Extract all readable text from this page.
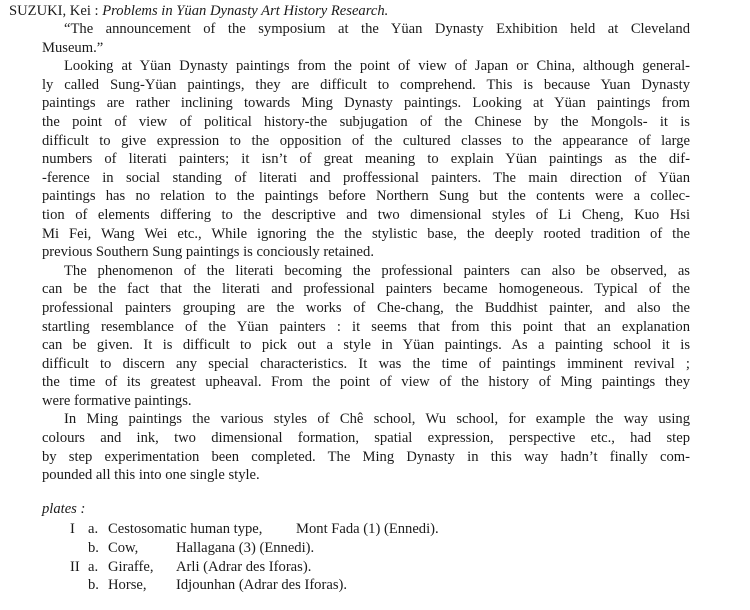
SUZUKI, Kei : Problems in Yüan Dynasty Art History Research.
“The announcement of the symposium at the Yüan Dynasty Exhibition held at Cleveland
Museum.”
Looking at Yüan Dynasty paintings from the point of view of Japan or China, although general-
ly called Sung-Yüan paintings, they are difficult to comprehend. This is because Yuan Dynasty
paintings are rather inclining towards Ming Dynasty paintings. Looking at Yüan paintings from
the point of view of political history-the subjugation of the Chinese by the Mongols- it is
difficult to give expression to the opposition of the cultured classes to the appearance of large
numbers of literati painters; it isn’t of great meaning to explain Yüan paintings as the dif-
-ference in social standing of literati and proffessional painters. The main direction of Yüan
paintings has no relation to the paintings before Northern Sung but the contents were a collec-
tion of elements differing to the descriptive and two dimensional styles of Li Cheng, Kuo Hsi
Mi Fei, Wang Wei etc., While ignoring the the stylistic base, the deeply rooted tradition of the
previous Southern Sung paintings is conciously retained.
The phenomenon of the literati becoming the professional painters can also be observed, as
can be the fact that the literati and professional painters became homogeneous. Typical of the
professional painters grouping are the works of Che-chang, the Buddhist painter, and also the
startling resemblance of the Yüan painters : it seems that from this point that an explanation
can be given. It is difficult to pick out a style in Yüan paintings. As a painting school it is
difficult to discern any special characteristics. It was the time of paintings imminent revival ;
the time of its greatest upheaval. From the point of view of the history of Ming paintings they
were formative paintings.
In Ming paintings the various styles of Chê school, Wu school, for example the way using
colours and ink, two dimensional formation, spatial expression, perspective etc., had step
by step experimentation been completed. The Ming Dynasty in this way hadn’t finally com-
pounded all this into one single style.
plates :
I a. Cestosomatic human type, Mont Fada (1) (Ennedi).
b. Cow,	Hallagana (3) (Ennedi).
II a. Giraffe, Arli (Adrar des Iforas).
b. Horse, Idjounhan (Adrar des Iforas).
